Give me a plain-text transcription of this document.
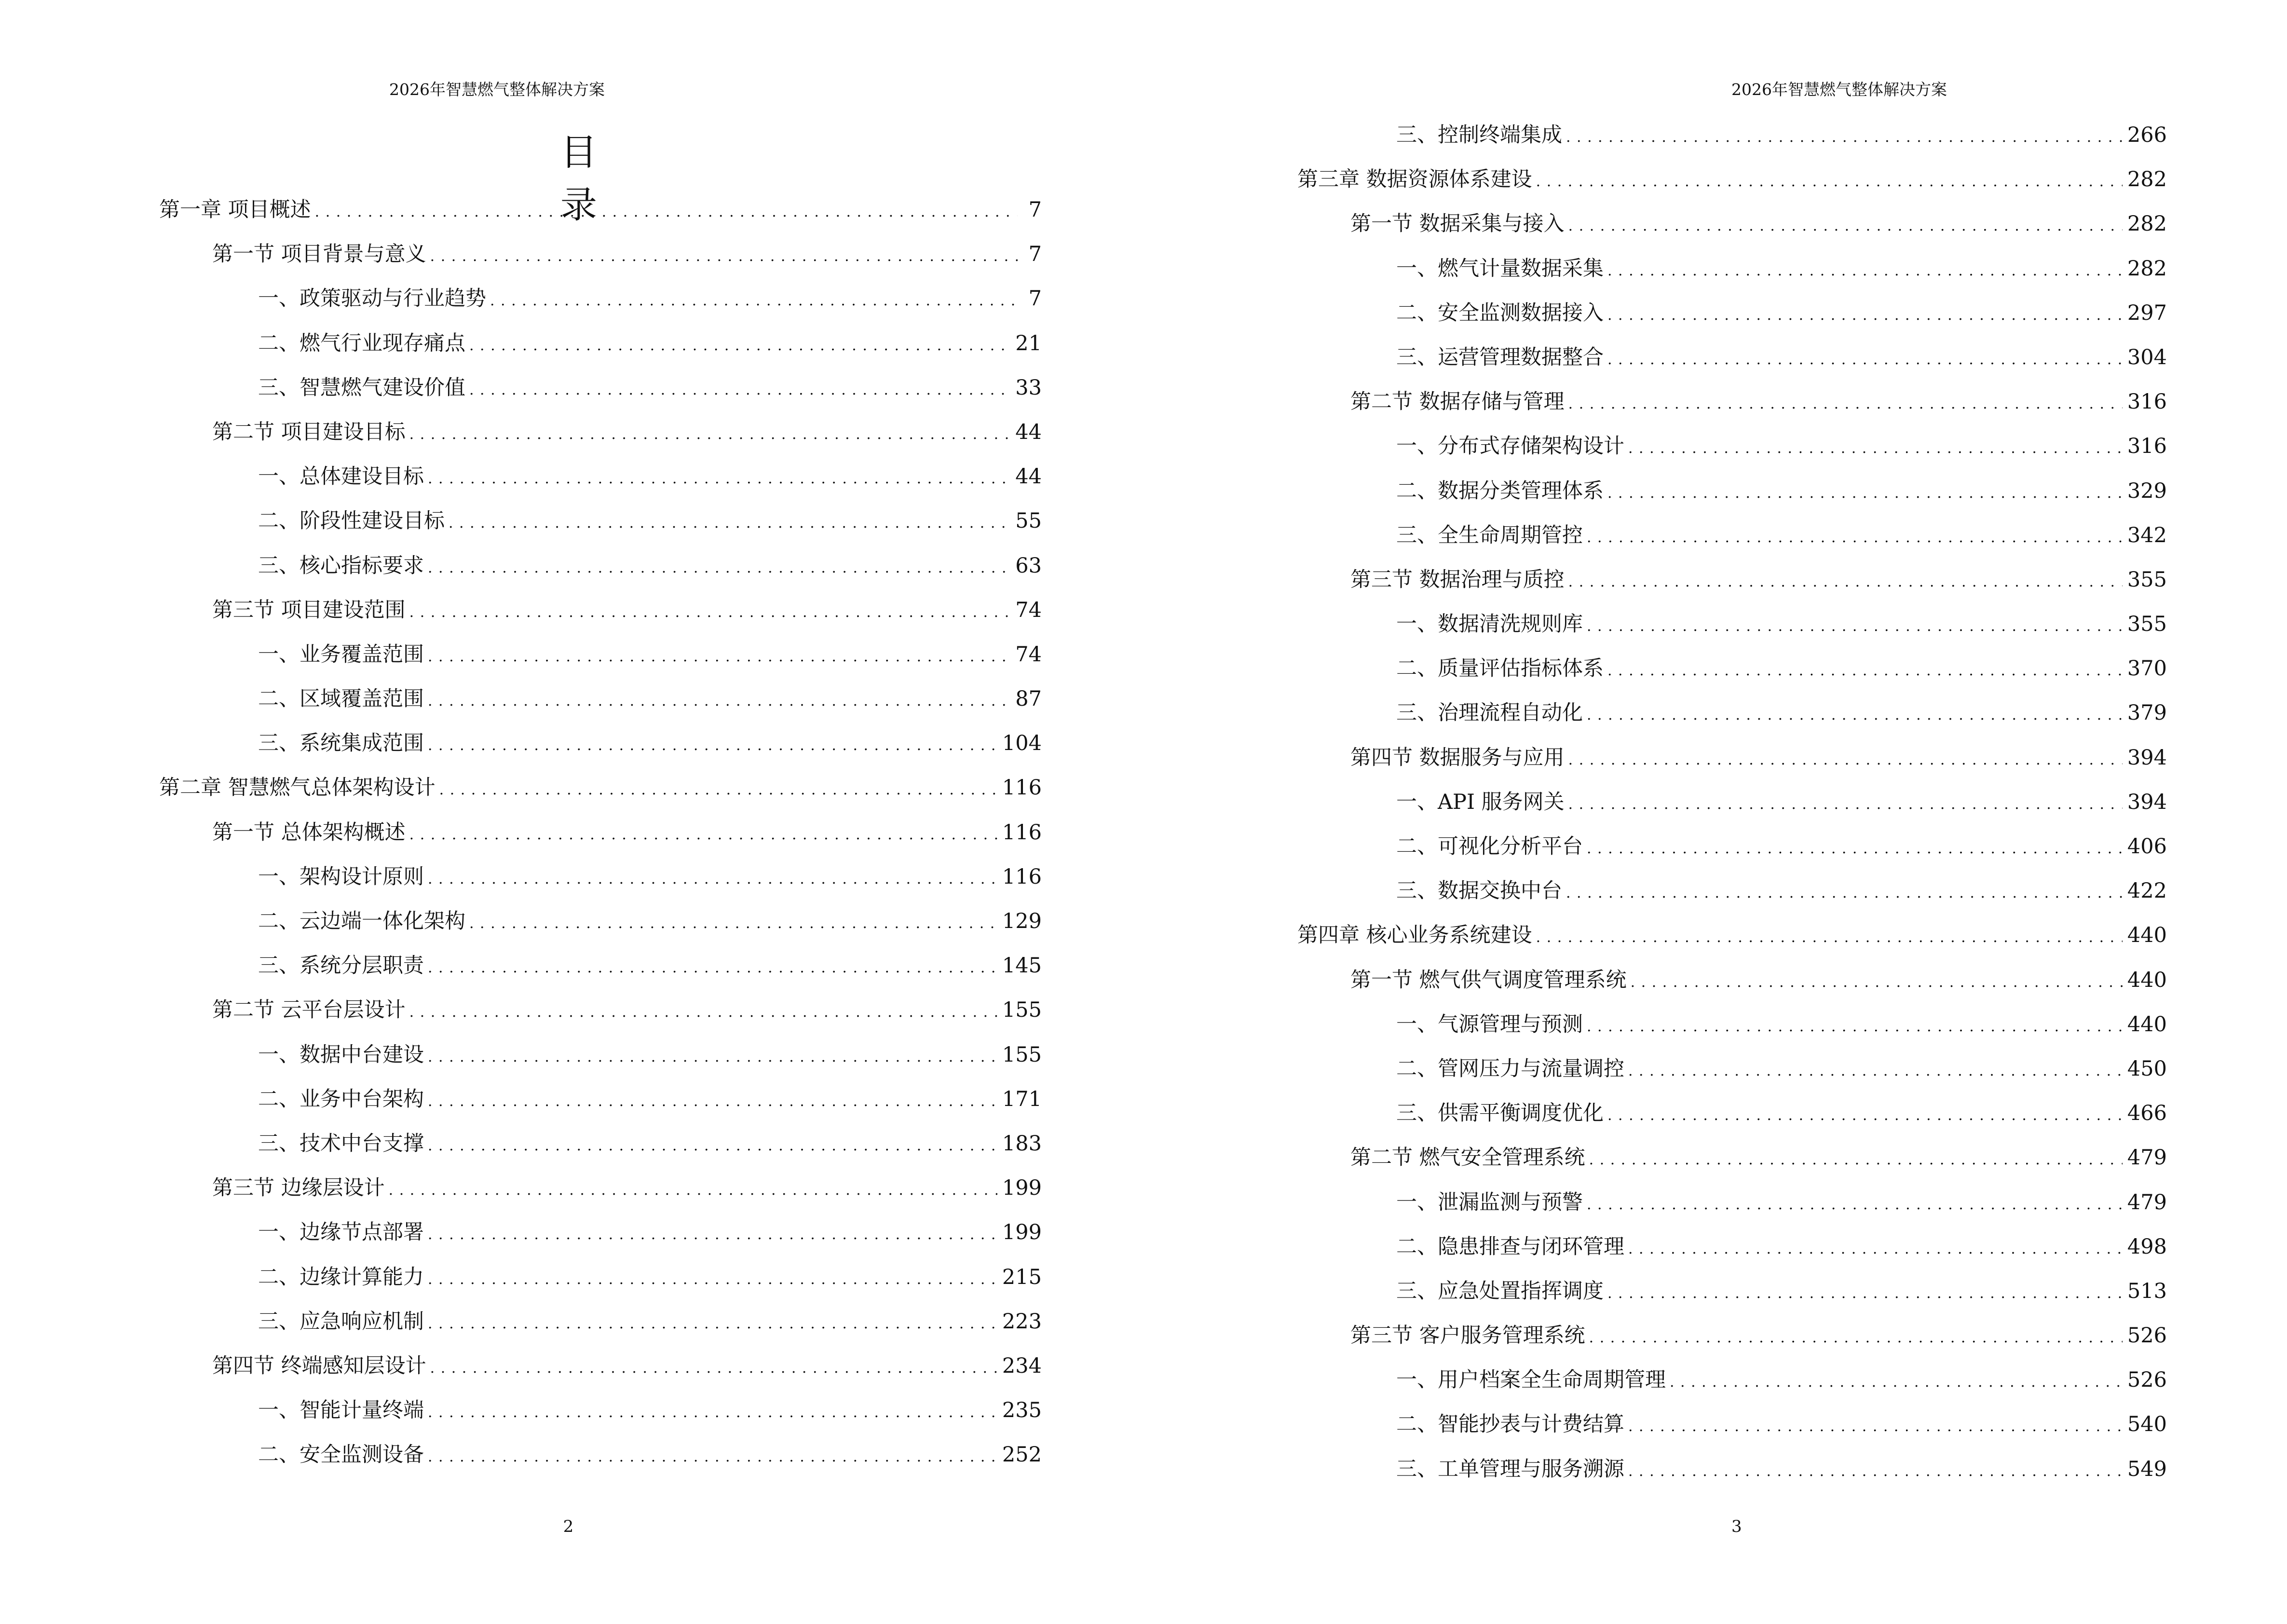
2026年智慧燃气整体解决方案
目 录
第一章 项目概述 .....	7
第一节 项目背景与意义 .....	7
一、政策驱动与行业趋势 .....	7
二、燃气行业现存痛点 .....	21
三、智慧燃气建设价值 .....	33
第二节 项目建设目标 .....	44
一、总体建设目标 .....	44
二、阶段性建设目标 .....	55
三、核心指标要求 .....	63
第三节 项目建设范围 .....	74
一、业务覆盖范围 .....	74
二、区域覆盖范围 .....	87
三、系统集成范围 .....	104
第二章 智慧燃气总体架构设计 .....	116
第一节 总体架构概述 .....	116
一、架构设计原则 .....	116
二、云边端一体化架构 .....	129
三、系统分层职责 .....	145
第二节 云平台层设计 .....	155
一、数据中台建设 .....	155
二、业务中台架构 .....	171
三、技术中台支撑 .....	183
第三节 边缘层设计 .....	199
一、边缘节点部署 .....	199
二、边缘计算能力 .....	215
三、应急响应机制 .....	223
第四节 终端感知层设计 .....	234
一、智能计量终端 .....	235
二、安全监测设备 .....	252
2
2026年智慧燃气整体解决方案
三、控制终端集成 .....	266
第三章 数据资源体系建设 .....	282
第一节 数据采集与接入 .....	282
一、燃气计量数据采集 .....	282
二、安全监测数据接入 .....	297
三、运营管理数据整合 .....	304
第二节 数据存储与管理 .....	316
一、分布式存储架构设计 .....	316
二、数据分类管理体系 .....	329
三、全生命周期管控 .....	342
第三节 数据治理与质控 .....	355
一、数据清洗规则库 .....	355
二、质量评估指标体系 .....	370
三、治理流程自动化 .....	379
第四节 数据服务与应用 .....	394
一、API 服务网关 .....	394
二、可视化分析平台 .....	406
三、数据交换中台 .....	422
第四章 核心业务系统建设 .....	440
第一节 燃气供气调度管理系统 .....	440
一、气源管理与预测 .....	440
二、管网压力与流量调控 .....	450
三、供需平衡调度优化 .....	466
第二节 燃气安全管理系统 .....	479
一、泄漏监测与预警 .....	479
二、隐患排查与闭环管理 .....	498
三、应急处置指挥调度 .....	513
第三节 客户服务管理系统 .....	526
一、用户档案全生命周期管理 .....	526
二、智能抄表与计费结算 .....	540
三、工单管理与服务溯源 .....	549
3
